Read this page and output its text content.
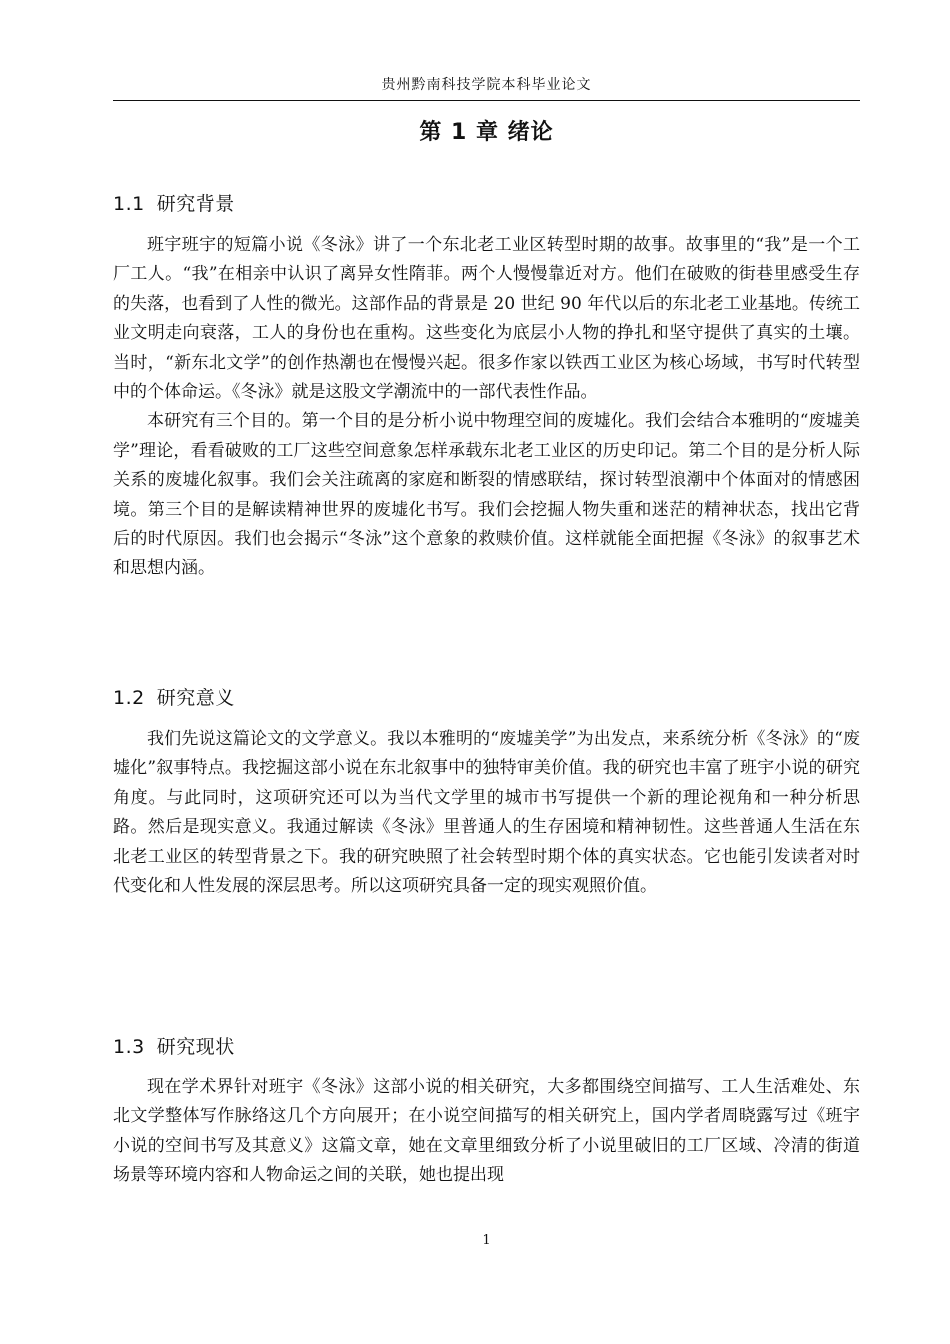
贵州黔南科技学院本科毕业论文
第 1 章 绪论
1.1 研究背景

班宇班宇的短篇小说《冬泳》讲了一个东北老工业区转型时期的故事。故事里的“我”是一个工厂工人。“我”在相亲中认识了离异女性隋菲。两个人慢慢靠近对方。他们在破败的街巷里感受生存的失落，也看到了人性的微光。这部作品的背景是 20 世纪 90 年代以后的东北老工业基地。传统工业文明走向衰落，工人的身份也在重构。这些变化为底层小人物的挣扎和坚守提供了真实的土壤。当时，“新东北文学”的创作热潮也在慢慢兴起。很多作家以铁西工业区为核心场域，书写时代转型中的个体命运。《冬泳》就是这股文学潮流中的一部代表性作品。

本研究有三个目的。第一个目的是分析小说中物理空间的废墟化。我们会结合本雅明的“废墟美学”理论，看看破败的工厂这些空间意象怎样承载东北老工业区的历史印记。第二个目的是分析人际关系的废墟化叙事。我们会关注疏离的家庭和断裂的情感联结，探讨转型浪潮中个体面对的情感困境。第三个目的是解读精神世界的废墟化书写。我们会挖掘人物失重和迷茫的精神状态，找出它背后的时代原因。我们也会揭示“冬泳”这个意象的救赎价值。这样就能全面把握《冬泳》的叙事艺术和思想内涵。

1.2 研究意义

我们先说这篇论文的文学意义。我以本雅明的“废墟美学”为出发点，来系统分析《冬泳》的“废墟化”叙事特点。我挖掘这部小说在东北叙事中的独特审美价值。我的研究也丰富了班宇小说的研究角度。与此同时，这项研究还可以为当代文学里的城市书写提供一个新的理论视角和一种分析思路。然后是现实意义。我通过解读《冬泳》里普通人的生存困境和精神韧性。这些普通人生活在东北老工业区的转型背景之下。我的研究映照了社会转型时期个体的真实状态。它也能引发读者对时代变化和人性发展的深层思考。所以这项研究具备一定的现实观照价值。

1.3 研究现状

现在学术界针对班宇《冬泳》这部小说的相关研究，大多都围绕空间描写、工人生活难处、东北文学整体写作脉络这几个方向展开；在小说空间描写的相关研究上，国内学者周晓露写过《班宇小说的空间书写及其意义》这篇文章，她在文章里细致分析了小说里破旧的工厂区域、冷清的街道场景等环境内容和人物命运之间的关联，她也提出现

1
